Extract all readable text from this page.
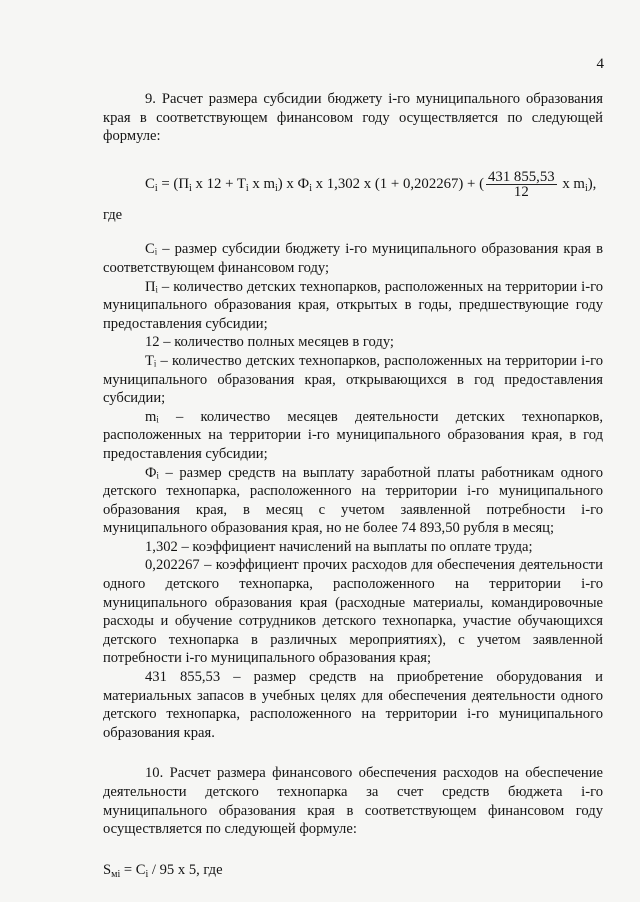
4

9. Расчет размера субсидии бюджету i-го муниципального образования края в соответствующем финансовом году осуществляется по следующей формуле:

$C_i = (П_i$ x $12 + T_i$ x $m_i$) x $Ф_i$ x 1,302 x (1 + 0,202267) + ( $\frac{431 855,53}{12}$ x $m_i$),

где

Cᵢ – размер субсидии бюджету i-го муниципального образования края в соответствующем финансовом году;

Пᵢ – количество детских технопарков, расположенных на территории i-го муниципального образования края, открытых в годы, предшествующие году предоставления субсидии;

12 – количество полных месяцев в году;

Tᵢ – количество детских технопарков, расположенных на территории i-го муниципального образования края, открывающихся в год предоставления субсидии;

mᵢ – количество месяцев деятельности детских технопарков, расположенных на территории i-го муниципального образования края, в год предоставления субсидии;

Фᵢ – размер средств на выплату заработной платы работникам одного детского технопарка, расположенного на территории i-го муниципального образования края, в месяц с учетом заявленной потребности i-го муниципального образования края, но не более 74 893,50 рубля в месяц;

1,302 – коэффициент начислений на выплаты по оплате труда;

0,202267 – коэффициент прочих расходов для обеспечения деятельности одного детского технопарка, расположенного на территории i-го муниципального образования края (расходные материалы, командировочные расходы и обучение сотрудников детского технопарка, участие обучающихся детского технопарка в различных мероприятиях), с учетом заявленной потребности i-го муниципального образования края;

431 855,53 – размер средств на приобретение оборудования и материальных запасов в учебных целях для обеспечения деятельности одного детского технопарка, расположенного на территории i-го муниципального образования края.

10. Расчет размера финансового обеспечения расходов на обеспечение деятельности детского технопарка за счет средств бюджета i-го муниципального образования края в соответствующем финансовом году осуществляется по следующей формуле:

$S_{мi} = C_i / 95$ x 5, где
